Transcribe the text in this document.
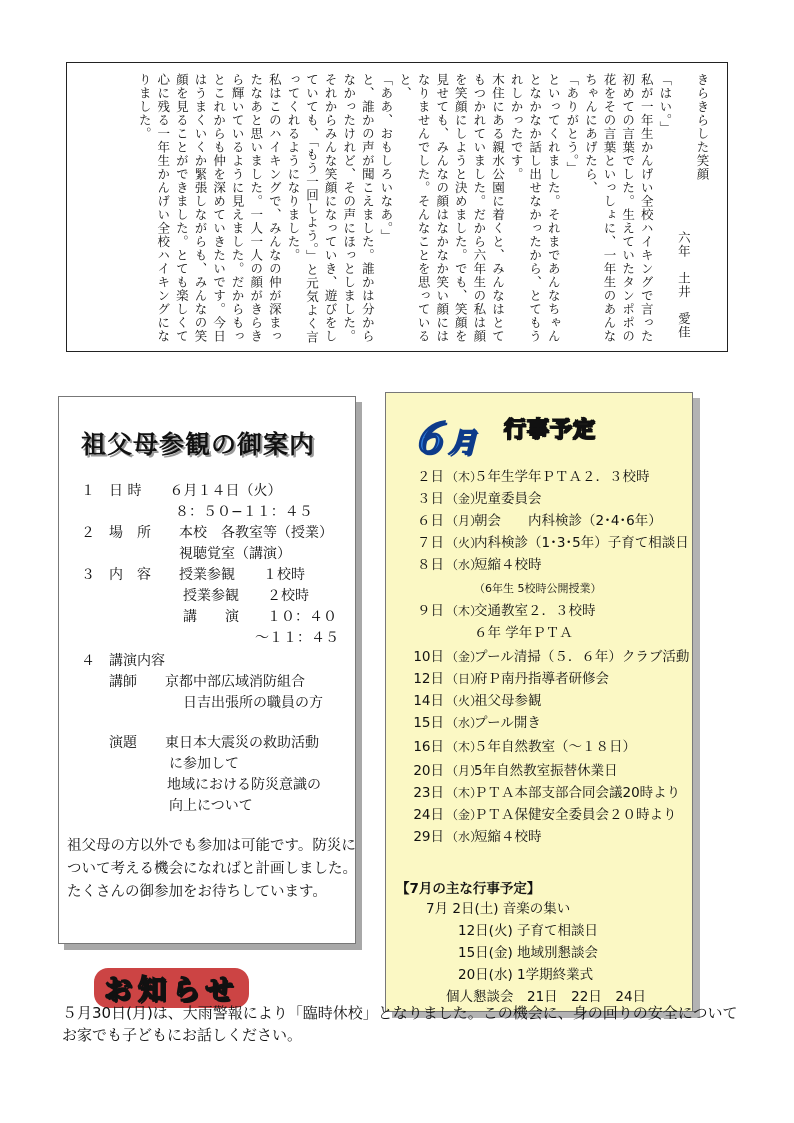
きらきらした笑顔

六年　土井　愛佳

「はい。」

私が一年生かんげい全校ハイキングで言った初めての言葉でした。生えていたタンポポの花をその言葉といっしょに、一年生のあんなちゃんにあげたら、

「ありがとう。」

といってくれました。それまであんなちゃんとなかなか話し出せなかったから、とてもうれしかったです。

木住にある親水公園に着くと、みんなはとてもつかれていました。だから六年生の私は顔を笑顔にしようと決めました。でも、笑顔を見せても、みんなの顔はなかなか笑い顔にはなりませんでした。そんなことを思っていると、

「ああ、おもしろいなあ。」

と、誰かの声が聞こえました。誰かは分からなかったけれど、その声にほっとしました。それからみんな笑顔になっていき、遊びをしていても、「もう一回しよう。」と元気よく言ってくれるようになりました。

私はこのハイキングで、みんなの仲が深まったなあと思いました。一人一人の顔がきらきら輝いているように見えました。だからもっとこれからも仲を深めていきたいです。今日はうまくいくか緊張しながらも、みんなの笑顔を見ることができました。とても楽しくて心に残る一年生かんげい全校ハイキングになりました。

祖父母参観の御案内
１　日 時　　６月１４日（火）
８：５０−１１：４５
２　場　所　　本校　各教室等（授業）
視聴覚室（講演）
３　内　容　　授業参観　　１校時
授業参観　　２校時
講　　演　　１０：４０
〜１１：４５
４　講演内容
講師　　京都中部広域消防組合
日吉出張所の職員の方
演題　　東日本大震災の救助活動
に参加して
地域における防災意識の
向上について
祖父母の方以外でも参加は可能です。防災について考える機会になればと計画しました。たくさんの御参加をお待ちしています。
６月 行事予定
２日 （木）
５年生学年ＰＴＡ２．３校時
３日 （金）
児童委員会
６日 （月）
朝会　　内科検診（2･4･6年）
７日 （火）
内科検診（1･3･5年）子育て相談日
８日 （水）
短縮４校時
（6年生 5校時公開授業）
９日 （木）
交通教室２．３校時
６年 学年ＰＴＡ
10日 （金）
プール清掃（５．６年）クラブ活動
12日 （日）
府Ｐ南丹指導者研修会
14日 （火）
祖父母参観
15日 （水）
プール開き
16日 （木）
５年自然教室（〜１８日）
20日 （月）
5年自然教室振替休業日
23日 （木）
ＰＴＡ本部支部合同会議20時より
24日 （金）
ＰＴＡ保健安全委員会２０時より
29日 （水）
短縮４校時
【7月の主な行事予定】
7月 2日(土) 音楽の集い
12日(火) 子育て相談日
15日(金) 地域別懇談会
20日(水) 1学期終業式
個人懇談会　21日　22日　24日
お知らせ
５月30日(月)は、大雨警報により「臨時休校」となりました。この機会に、身の回りの安全についてお家でも子どもにお話しください。
